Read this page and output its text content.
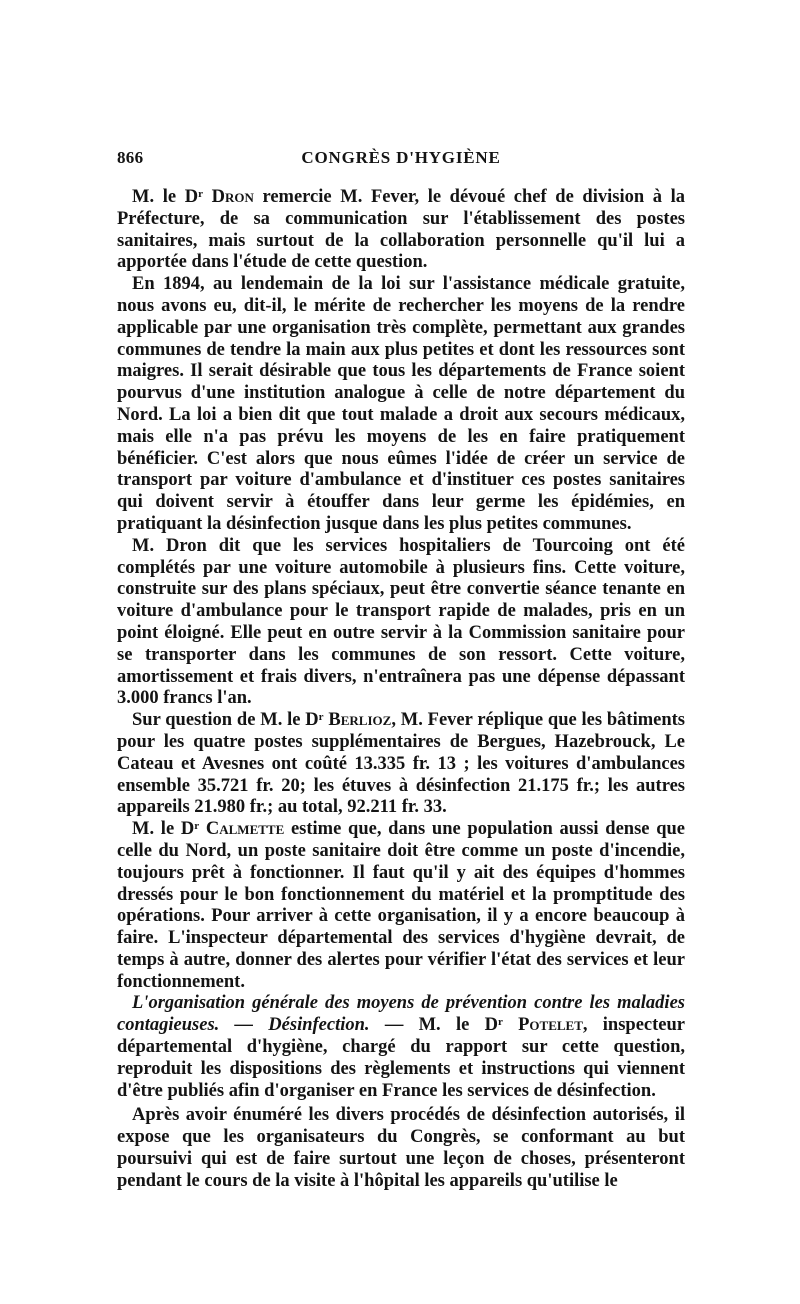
866	CONGRÈS D'HYGIÈNE

M. le $D^r$ Dron remercie M. Fever, le dévoué chef de division à la Préfecture, de sa communication sur l'établissement des postes sanitaires, mais surtout de la collaboration personnelle qu'il lui a apportée dans l'étude de cette question.

En 1894, au lendemain de la loi sur l'assistance médicale gratuite, nous avons eu, dit-il, le mérite de rechercher les moyens de la rendre applicable par une organisation très complète, permettant aux grandes communes de tendre la main aux plus petites et dont les ressources sont maigres. Il serait désirable que tous les départements de France soient pourvus d'une institution analogue à celle de notre département du Nord. La loi a bien dit que tout malade a droit aux secours médicaux, mais elle n'a pas prévu les moyens de les en faire pratiquement bénéficier. C'est alors que nous eûmes l'idée de créer un service de transport par voiture d'ambulance et d'instituer ces postes sanitaires qui doivent servir à étouffer dans leur germe les épidémies, en pratiquant la désinfection jusque dans les plus petites communes.

M. Dron dit que les services hospitaliers de Tourcoing ont été complétés par une voiture automobile à plusieurs fins. Cette voiture, construite sur des plans spéciaux, peut être convertie séance tenante en voiture d'ambulance pour le transport rapide de malades, pris en un point éloigné. Elle peut en outre servir à la Commission sanitaire pour se transporter dans les communes de son ressort. Cette voiture, amortissement et frais divers, n'entraînera pas une dépense dépassant 3.000 francs l'an.

Sur question de M. le $D^r$ Berlioz, M. Fever réplique que les bâtiments pour les quatre postes supplémentaires de Bergues, Hazebrouck, Le Cateau et Avesnes ont coûté 13.335 fr. 13 ; les voitures d'ambulances ensemble 35.721 fr. 20; les étuves à désinfection 21.175 fr.; les autres appareils 21.980 fr.; au total, 92.211 fr. 33.

M. le $D^r$ Calmette estime que, dans une population aussi dense que celle du Nord, un poste sanitaire doit être comme un poste d'incendie, toujours prêt à fonctionner. Il faut qu'il y ait des équipes d'hommes dressés pour le bon fonctionnement du matériel et la promptitude des opérations. Pour arriver à cette organisation, il y a encore beaucoup à faire. L'inspecteur départemental des services d'hygiène devrait, de temps à autre, donner des alertes pour vérifier l'état des services et leur fonctionnement.

L'organisation générale des moyens de prévention contre les maladies contagieuses. — Désinfection. — M. le $D^r$ Potelet, inspecteur départemental d'hygiène, chargé du rapport sur cette question, reproduit les dispositions des règlements et instructions qui viennent d'être publiés afin d'organiser en France les services de désinfection.

Après avoir énuméré les divers procédés de désinfection autorisés, il expose que les organisateurs du Congrès, se conformant au but poursuivi qui est de faire surtout une leçon de choses, présenteront pendant le cours de la visite à l'hôpital les appareils qu'utilise le
